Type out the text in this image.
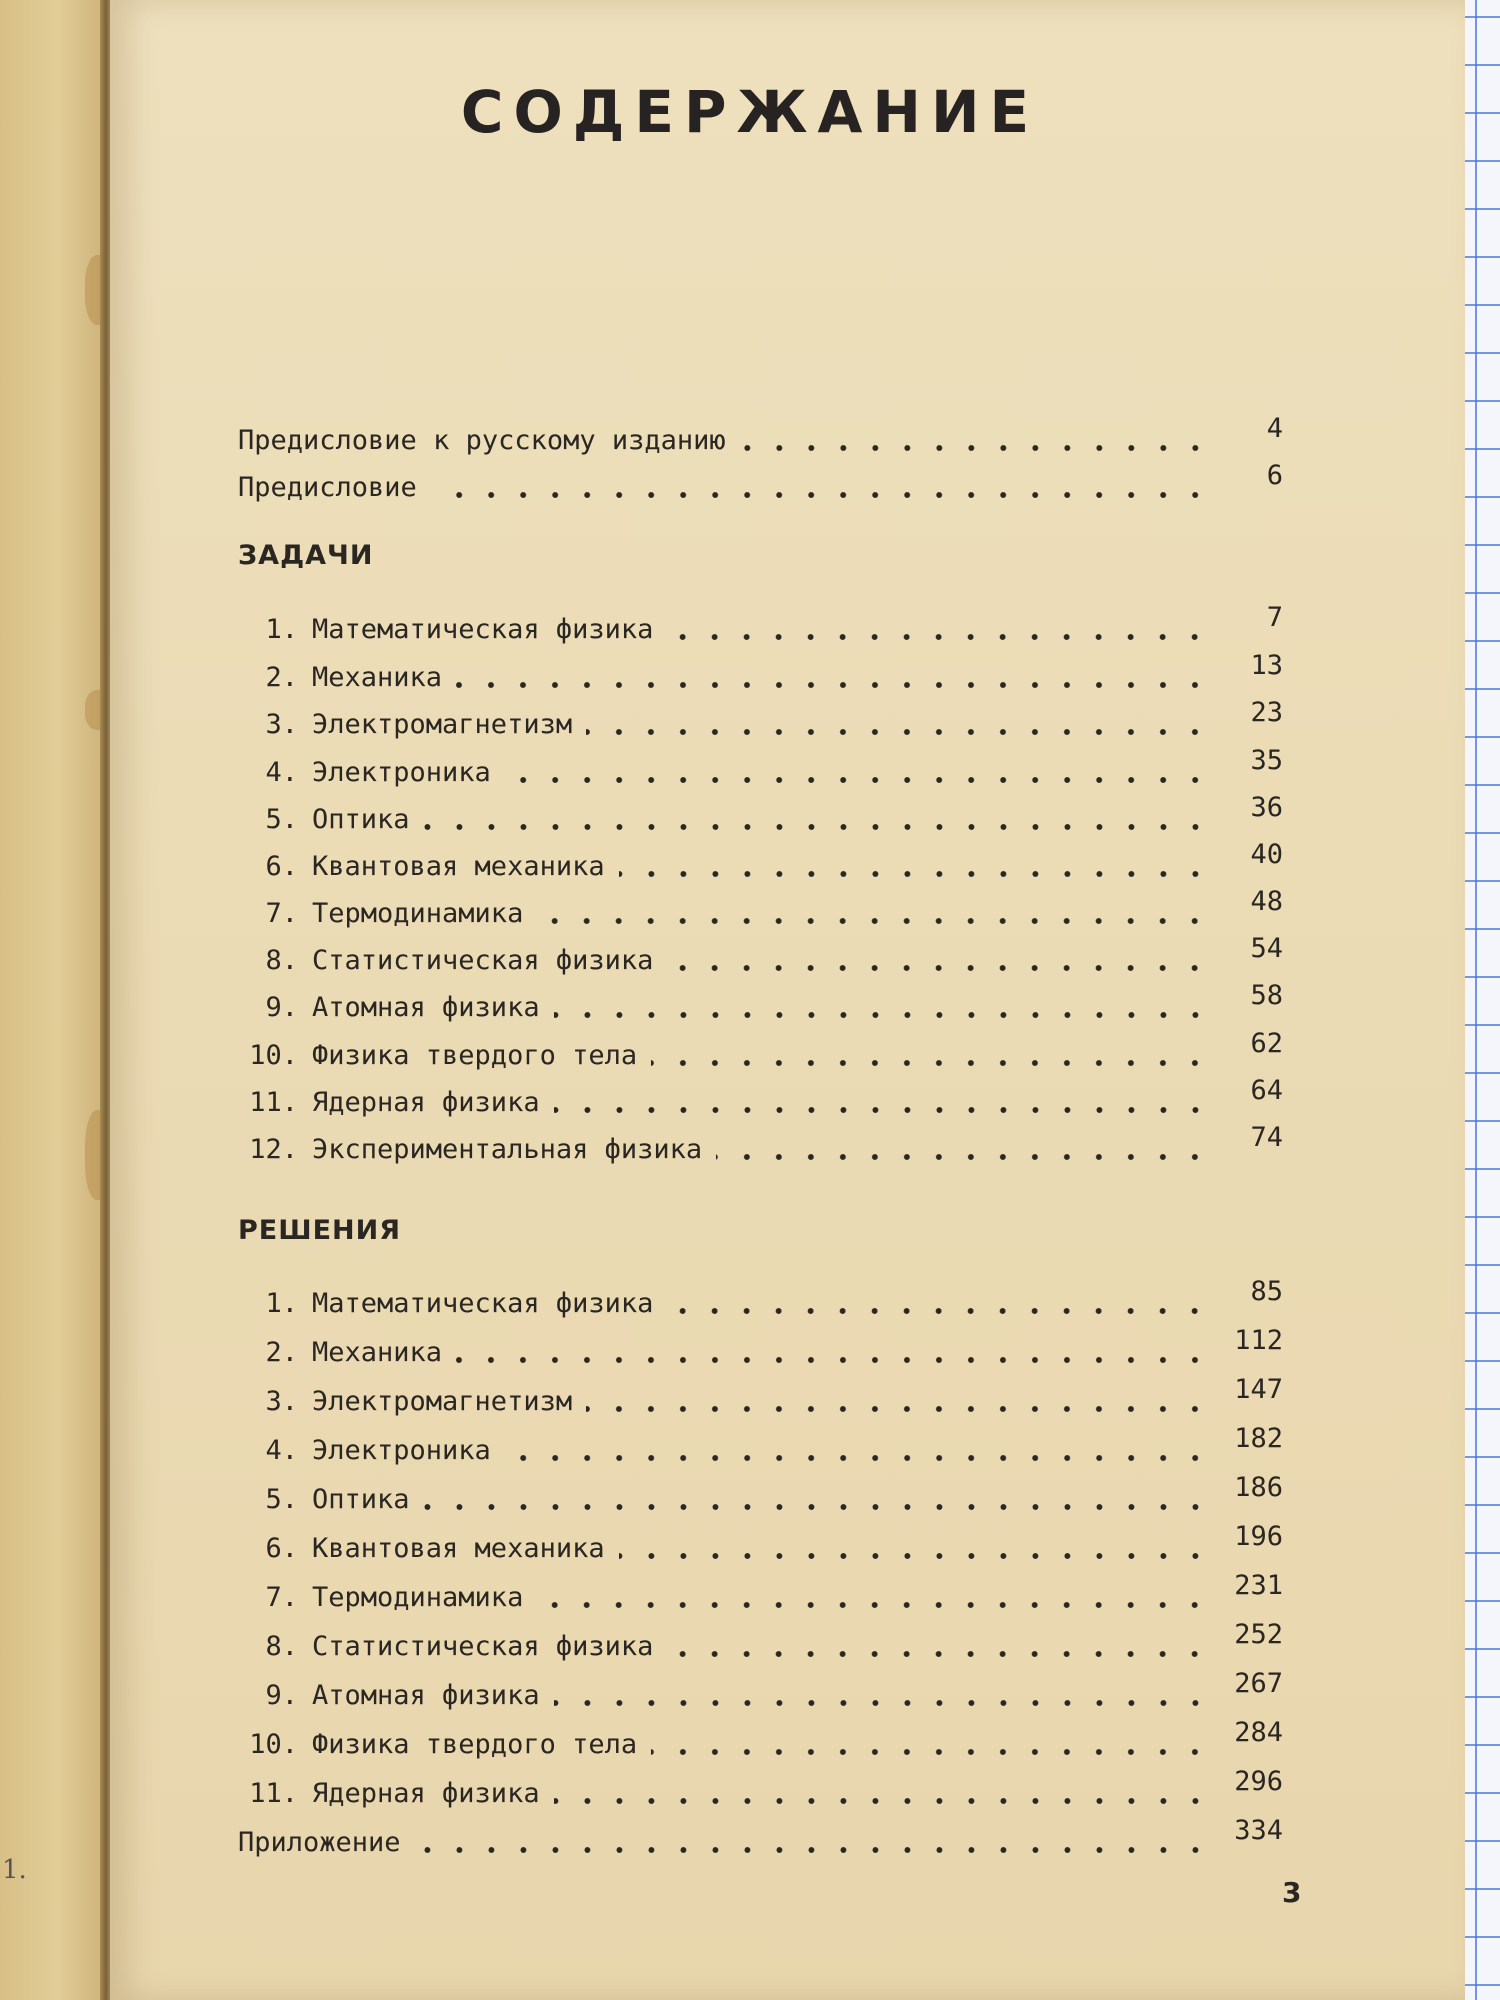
1.
СОДЕРЖАНИЕ
Предисловие к русскому изданию	4
Предисловие	6
ЗАДАЧИ
1. Математическая физика	7
2. Механика	13
3. Электромагнетизм	23
4. Электроника	35
5. Оптика	36
6. Квантовая механика	40
7. Термодинамика	48
8. Статистическая физика	54
9. Атомная физика	58
10. Физика твердого тела	62
11. Ядерная физика	64
12. Экспериментальная физика	74
РЕШЕНИЯ
1. Математическая физика	85
2. Механика	112
3. Электромагнетизм	147
4. Электроника	182
5. Оптика	186
6. Квантовая механика	196
7. Термодинамика	231
8. Статистическая физика	252
9. Атомная физика	267
10. Физика твердого тела	284
11. Ядерная физика	296
Приложение	334
3
